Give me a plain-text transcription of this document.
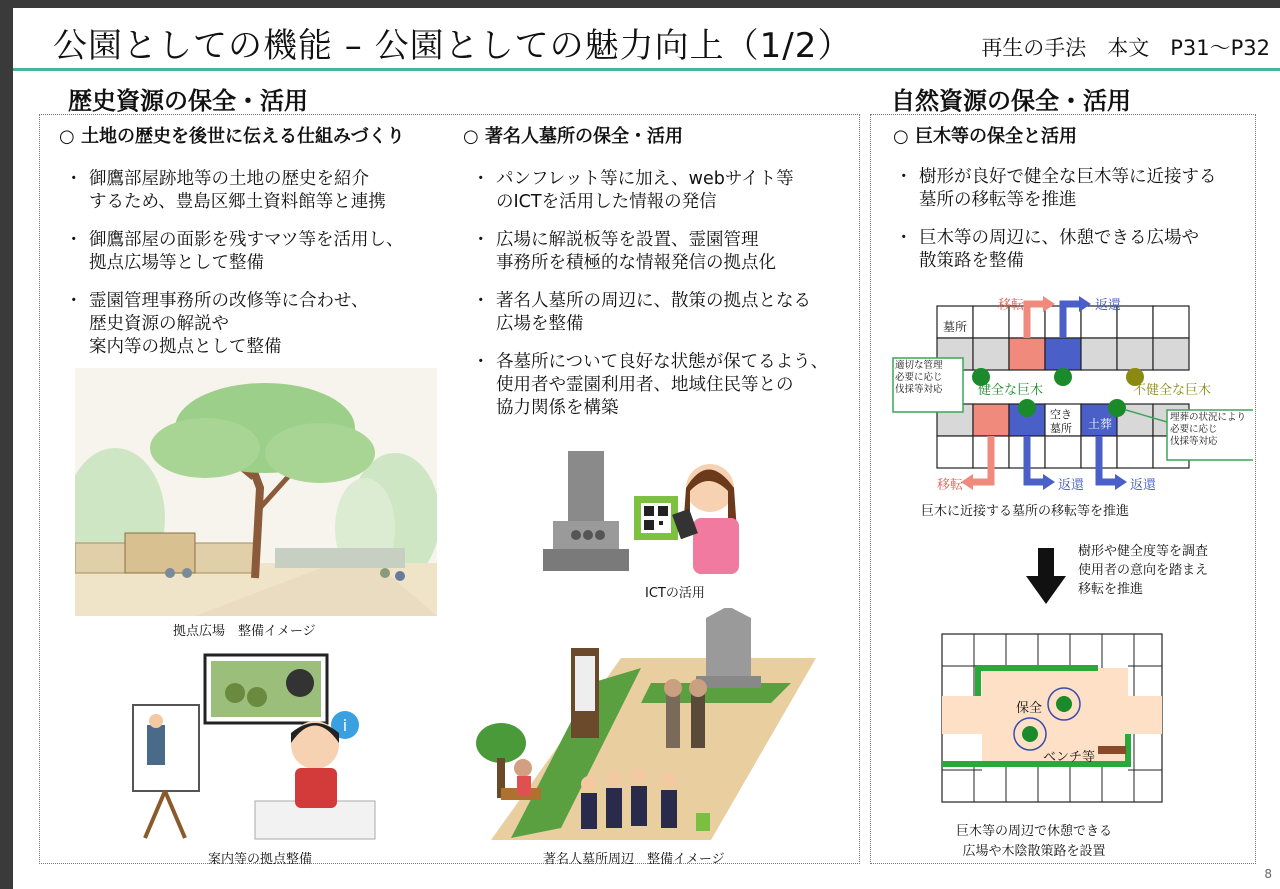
公園としての機能 – 公園としての魅力向上（1/2）	再生の手法　本文　P31～P32
歴史資源の保全・活用
○ 土地の歴史を後世に伝える仕組みづくり
・ 御鷹部屋跡地等の土地の歴史を紹介
するため、豊島区郷土資料館等と連携
・ 御鷹部屋の面影を残すマツ等を活用し、
拠点広場等として整備
・ 霊園管理事務所の改修等に合わせ、
歴史資源の解説や
案内等の拠点として整備
拠点広場　整備イメージ
i
案内等の拠点整備
○ 著名人墓所の保全・活用
・ パンフレット等に加え、webサイト等
のICTを活用した情報の発信
・ 広場に解説板等を設置、霊園管理
事務所を積極的な情報発信の拠点化
・ 著名人墓所の周辺に、散策の拠点となる
広場を整備
・ 各墓所について良好な状態が保てるよう、
使用者や霊園利用者、地域住民等との
協力関係を構築
ICTの活用
著名人墓所周辺　整備イメージ
自然資源の保全・活用
○ 巨木等の保全と活用
・ 樹形が良好で健全な巨木等に近接する
墓所の移転等を推進
・ 巨木等の周辺に、休憩できる広場や
散策路を整備
移転	返還
墓所
健全な巨木	不健全な巨木
空き
墓所 土葬
移転	返還	返還
適切な管理
必要に応じ
伐採等対応
埋葬の状況により
必要に応じ
伐採等対応
巨木に近接する墓所の移転等を推進
樹形や健全度等を調査
使用者の意向を踏まえ
移転を推進
保全
ベンチ等
巨木等の周辺で休憩できる
広場や木陰散策路を設置
8
